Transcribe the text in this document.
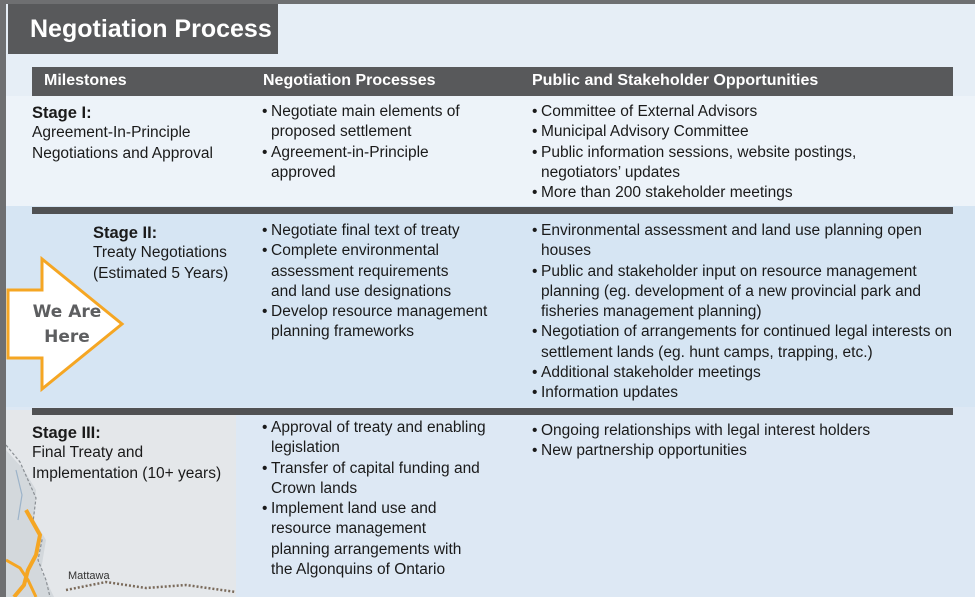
Mattawa
Negotiation Process
Milestones	Negotiation Processes	Public and Stakeholder Opportunities
Stage I:
Agreement-In-Principle
Negotiations and Approval
• Negotiate main elements of proposed settlement
• Agreement-in-Principle approved
• Committee of External Advisors
• Municipal Advisory Committee
• Public information sessions, website postings, negotiators’ updates
• More than 200 stakeholder meetings
Stage II:
Treaty Negotiations
(Estimated 5 Years)
• Negotiate final text of treaty
• Complete environmental assessment requirements and land use designations
• Develop resource management planning frameworks
• Environmental assessment and land use planning open houses
• Public and stakeholder input on resource management planning (eg. development of a new provincial park and fisheries management planning)
• Negotiation of arrangements for continued legal interests on settlement lands (eg. hunt camps, trapping, etc.)
• Additional stakeholder meetings
• Information updates
We Are
Here
Stage III:
Final Treaty and
Implementation (10+ years)
• Approval of treaty and enabling legislation
• Transfer of capital funding and Crown lands
• Implement land use and resource management planning arrangements with the Algonquins of Ontario
• Ongoing relationships with legal interest holders
• New partnership opportunities
